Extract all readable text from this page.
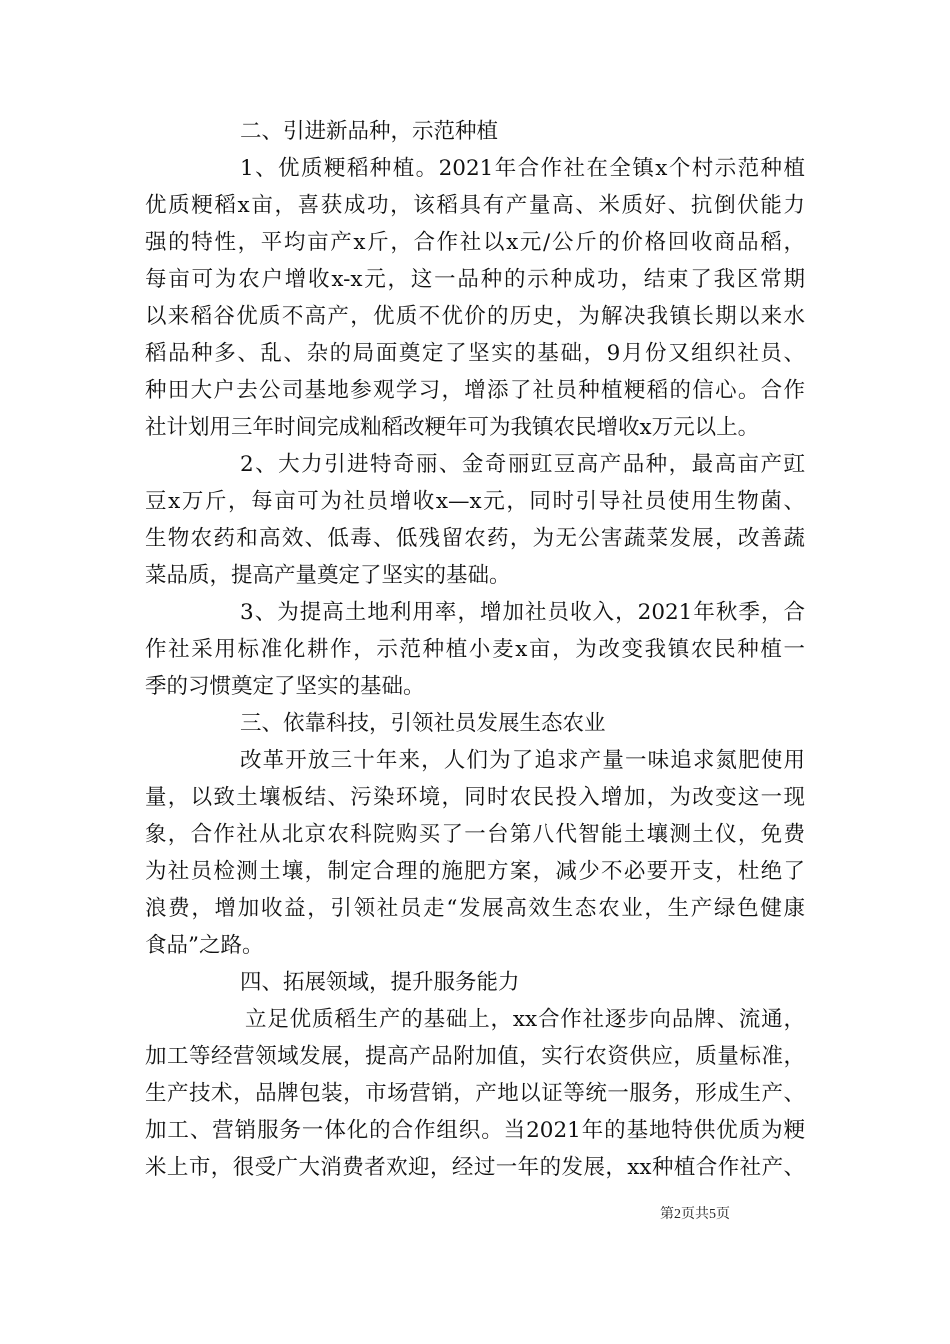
二、引进新品种，示范种植
1、优质粳稻种植。2021年合作社在全镇x个村示范种植
优质粳稻x亩，喜获成功，该稻具有产量高、米质好、抗倒伏能力
强的特性，平均亩产x斤，合作社以x元/公斤的价格回收商品稻，
每亩可为农户增收x-x元，这一品种的示种成功，结束了我区常期
以来稻谷优质不高产，优质不优价的历史，为解决我镇长期以来水
稻品种多、乱、杂的局面奠定了坚实的基础，9月份又组织社员、
种田大户去公司基地参观学习，增添了社员种植粳稻的信心。合作
社计划用三年时间完成籼稻改粳年可为我镇农民增收x万元以上。
2、大力引进特奇丽、金奇丽豇豆高产品种，最高亩产豇
豆x万斤，每亩可为社员增收x—x元，同时引导社员使用生物菌、
生物农药和高效、低毒、低残留农药，为无公害蔬菜发展，改善蔬
菜品质，提高产量奠定了坚实的基础。
3、为提高土地利用率，增加社员收入，2021年秋季，合
作社采用标准化耕作，示范种植小麦x亩，为改变我镇农民种植一
季的习惯奠定了坚实的基础。
三、依靠科技，引领社员发展生态农业
改革开放三十年来，人们为了追求产量一味追求氮肥使用
量，以致土壤板结、污染环境，同时农民投入增加，为改变这一现
象，合作社从北京农科院购买了一台第八代智能土壤测土仪，免费
为社员检测土壤，制定合理的施肥方案，减少不必要开支，杜绝了
浪费，增加收益，引领社员走“发展高效生态农业，生产绿色健康
食品”之路。
四、拓展领域，提升服务能力
立足优质稻生产的基础上，xx合作社逐步向品牌、流通，
加工等经营领域发展，提高产品附加值，实行农资供应，质量标准，
生产技术，品牌包装，市场营销，产地以证等统一服务，形成生产、
加工、营销服务一体化的合作组织。当2021年的基地特供优质为粳
米上市，很受广大消费者欢迎，经过一年的发展，xx种植合作社产、
第2页共5页
